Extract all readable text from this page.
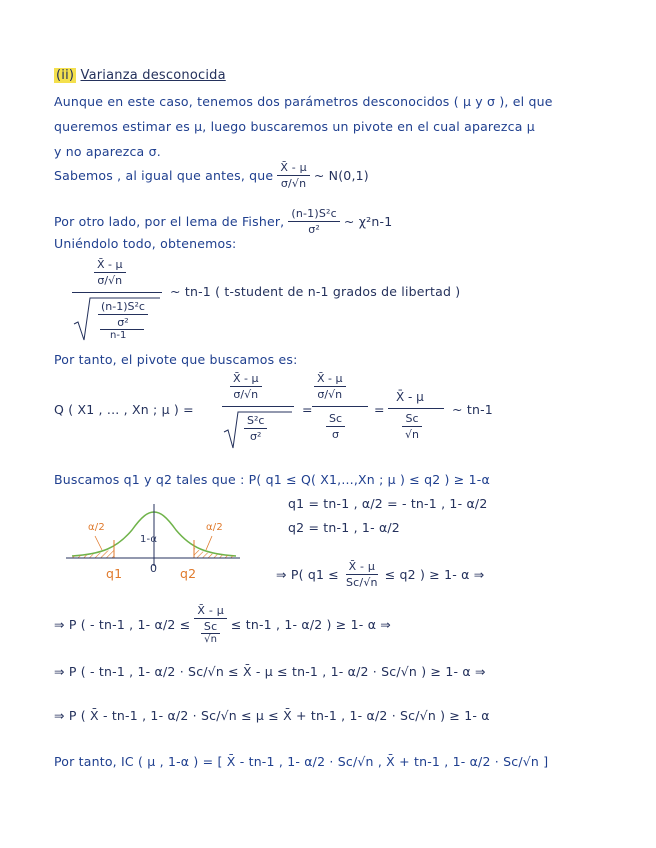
(ii) Varianza desconocida
Aunque en este caso, tenemos dos parámetros desconocidos ( μ y σ ), el que
queremos estimar es μ, luego buscaremos un pivote en el cual aparezca μ
y no aparezca σ.
Sabemos , al igual que antes, que $\frac{X̄ - \mu}{\sigma/√n}$ ~ N(0,1)
Por otro lado, por el lema de Fisher, $\frac{\text{(n-1)S²c}}{\text{σ²}}$ ~ χ²n-1
Uniéndolo todo, obtenemos:
$\frac{X̄ - \mu}{\sigma/√n}$
$\frac{\text{(n-1)S²c}}{\text{σ²}}$
n-1
~ tn-1 ( t-student de n-1 grados de libertad )
Por tanto, el pivote que buscamos es:
Q ( X1 , ... , Xn ; μ ) =
$\frac{X̄ - \mu}{\sigma/√n}$
$\frac{\text{S²c}}{\text{σ²}}$
=
$\frac{X̄ - \mu}{\sigma/√n}$
$\frac{Sc}{\sigma}$
=
X̄ - μ
$\frac{Sc}{√n}$
~ tn-1
Buscamos q1 y q2 tales que : P( q1 ≤ Q( X1,...,Xn ; μ ) ≤ q2 ) ≥ 1-α
q1 = tn-1 , α/2 = - tn-1 , 1- α/2
q2 = tn-1 , 1- α/2
α/2
1-α
α/2
q1	0 q2	⇒ P( $q1 \le \frac{X̄ - \mu}{Sc/√n} \le q2$ ) ≥ 1- α ⇒
⇒ P ( - tn-1 , 1- α/2 ≤
X̄ - μ
Sc
√n
≤ tn-1 , 1- α/2 ) ≥ 1- α ⇒
⇒ P ( - tn-1 , 1- α/2 · Sc/√n ≤ X̄ - μ ≤ tn-1 , 1- α/2 · Sc/√n ) ≥ 1- α ⇒
⇒ P ( X̄ - tn-1 , 1- α/2 · Sc/√n ≤ μ ≤ X̄ + tn-1 , 1- α/2 · Sc/√n ) ≥ 1- α
Por tanto, IC ( μ , 1-α ) = [ X̄ - tn-1 , 1- α/2 · Sc/√n , X̄ + tn-1 , 1- α/2 · Sc/√n ]
